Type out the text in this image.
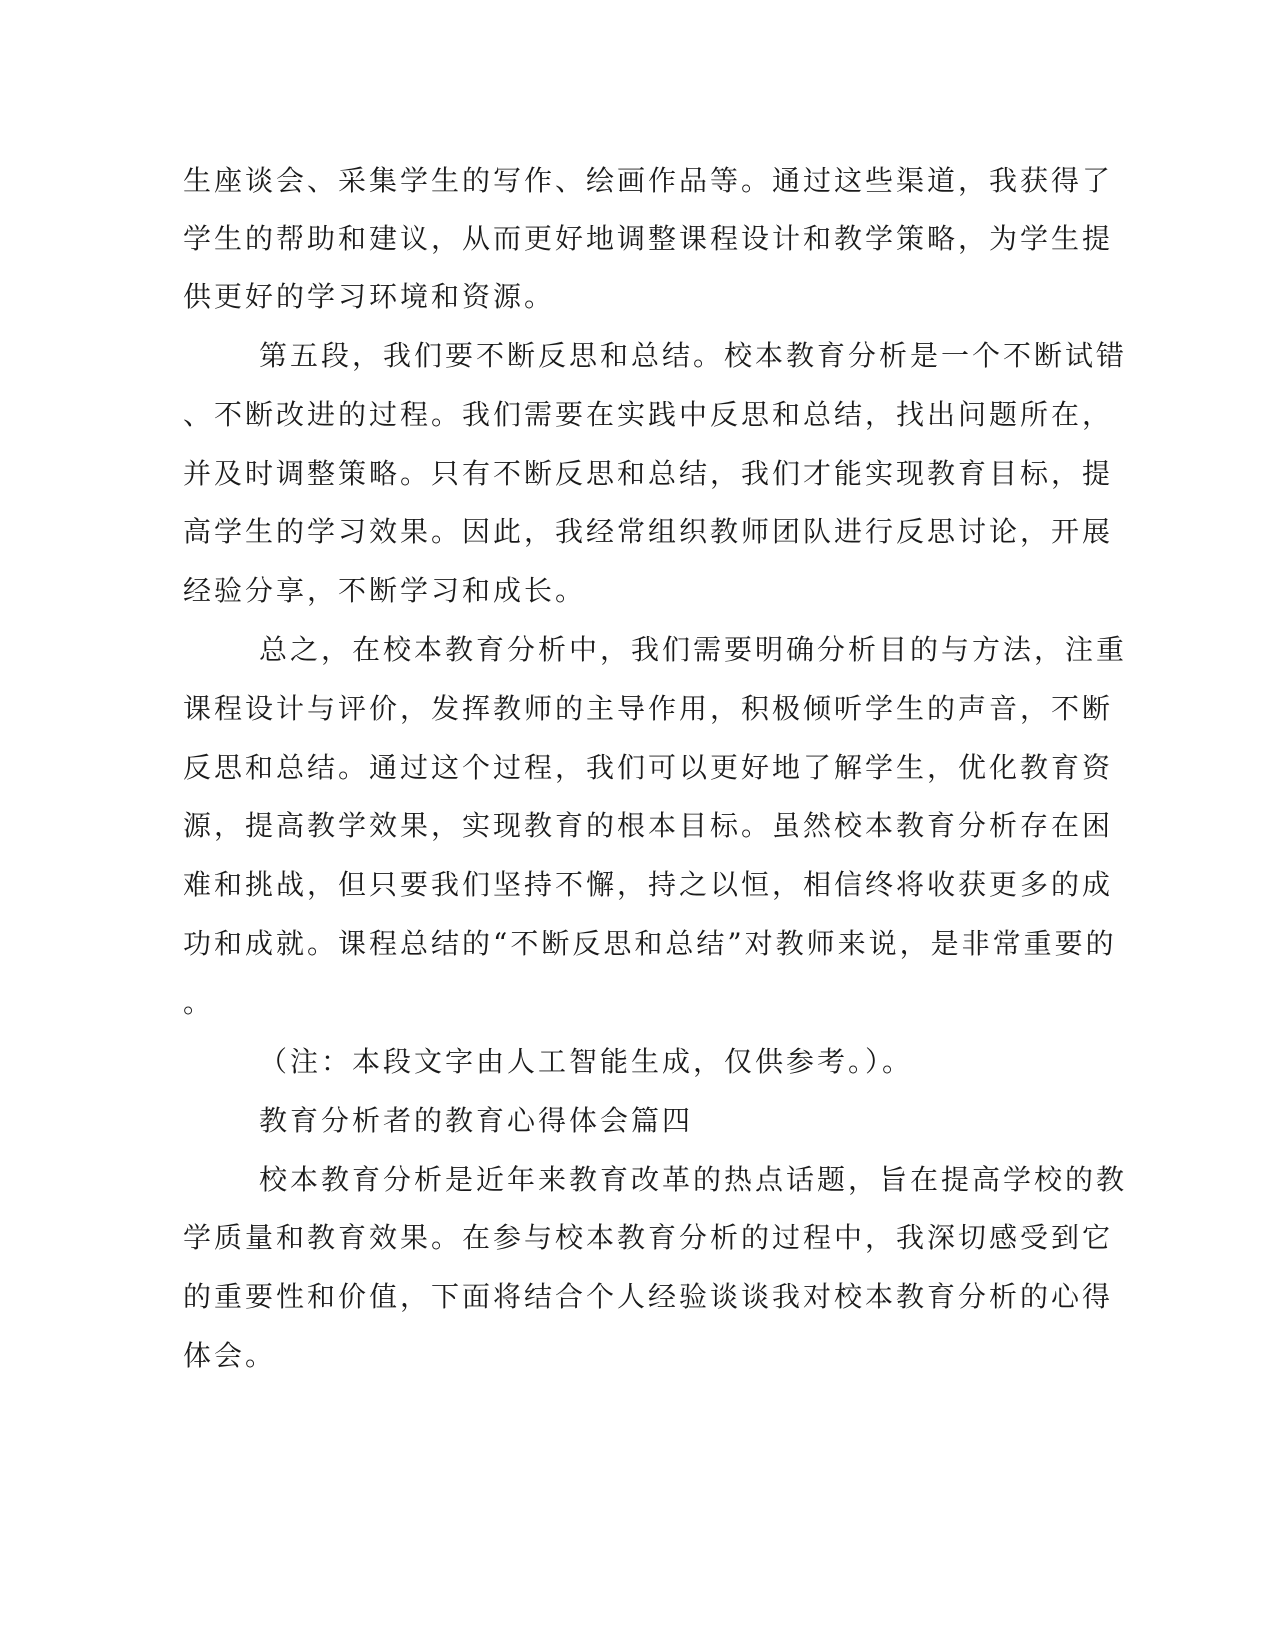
生座谈会、采集学生的写作、绘画作品等。通过这些渠道，我获得了
学生的帮助和建议，从而更好地调整课程设计和教学策略，为学生提
供更好的学习环境和资源。
第五段，我们要不断反思和总结。校本教育分析是一个不断试错
、不断改进的过程。我们需要在实践中反思和总结，找出问题所在，
并及时调整策略。只有不断反思和总结，我们才能实现教育目标，提
高学生的学习效果。因此，我经常组织教师团队进行反思讨论，开展
经验分享，不断学习和成长。
总之，在校本教育分析中，我们需要明确分析目的与方法，注重
课程设计与评价，发挥教师的主导作用，积极倾听学生的声音，不断
反思和总结。通过这个过程，我们可以更好地了解学生，优化教育资
源，提高教学效果，实现教育的根本目标。虽然校本教育分析存在困
难和挑战，但只要我们坚持不懈，持之以恒，相信终将收获更多的成
功和成就。课程总结的“不断反思和总结”对教师来说，是非常重要的
。
（注：本段文字由人工智能生成，仅供参考。）。
教育分析者的教育心得体会篇四
校本教育分析是近年来教育改革的热点话题，旨在提高学校的教
学质量和教育效果。在参与校本教育分析的过程中，我深切感受到它
的重要性和价值，下面将结合个人经验谈谈我对校本教育分析的心得
体会。
